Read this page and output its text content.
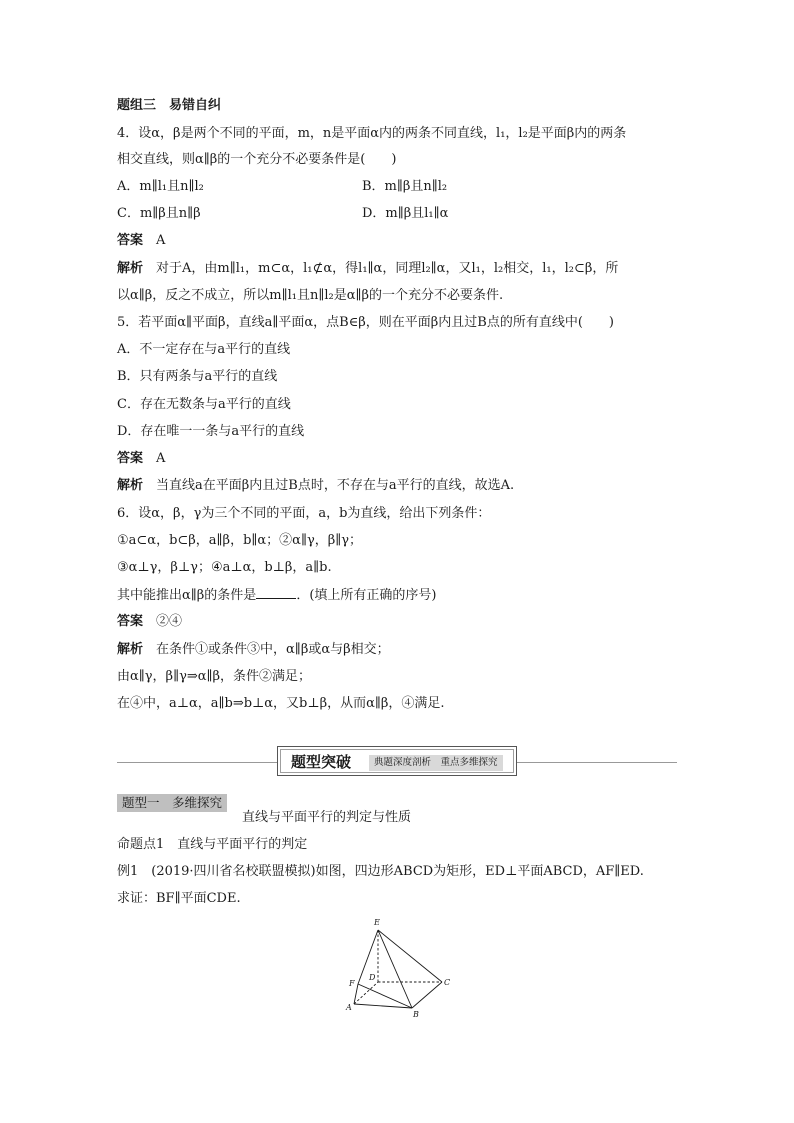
题组三　易错自纠
4．设α，β是两个不同的平面，m，n是平面α内的两条不同直线，l₁，l₂是平面β内的两条
相交直线，则α∥β的一个充分不必要条件是(　　)
A．m∥l₁且n∥l₂	B．m∥β且n∥l₂
C．m∥β且n∥β	D．m∥β且l₁∥α
答案　 A
解析　 对于A，由m∥l₁，m⊂α，l₁⊄α，得l₁∥α，同理l₂∥α，又l₁，l₂相交，l₁，l₂⊂β，所
以α∥β，反之不成立，所以m∥l₁且n∥l₂是α∥β的一个充分不必要条件.
5．若平面α∥平面β，直线a∥平面α，点B∈β，则在平面β内且过B点的所有直线中(　　)
A．不一定存在与a平行的直线
B．只有两条与a平行的直线
C．存在无数条与a平行的直线
D．存在唯一一条与a平行的直线
答案　 A
解析　 当直线a在平面β内且过B点时，不存在与a平行的直线，故选A.
6．设α，β，γ为三个不同的平面，a，b为直线，给出下列条件：
①a⊂α，b⊂β，a∥β，b∥α；②α∥γ，β∥γ；
③α⊥γ，β⊥γ；④a⊥α，b⊥β，a∥b.
其中能推出α∥β的条件是	．(填上所有正确的序号)
答案　 ②④
解析　 在条件①或条件③中，α∥β或α与β相交；
由α∥γ，β∥γ⇒α∥β，条件②满足；
在④中，a⊥α，a∥b⇒b⊥α，又b⊥β，从而α∥β，④满足.
题型突破	典题深度剖析　重点多维探究
题型一　多维探究
直线与平面平行的判定与性质
命题点1　直线与平面平行的判定
例1　(2019·四川省名校联盟模拟)如图，四边形ABCD为矩形，ED⊥平面ABCD，AF∥ED.
求证：BF∥平面CDE.
E
F
D
C
A
B
